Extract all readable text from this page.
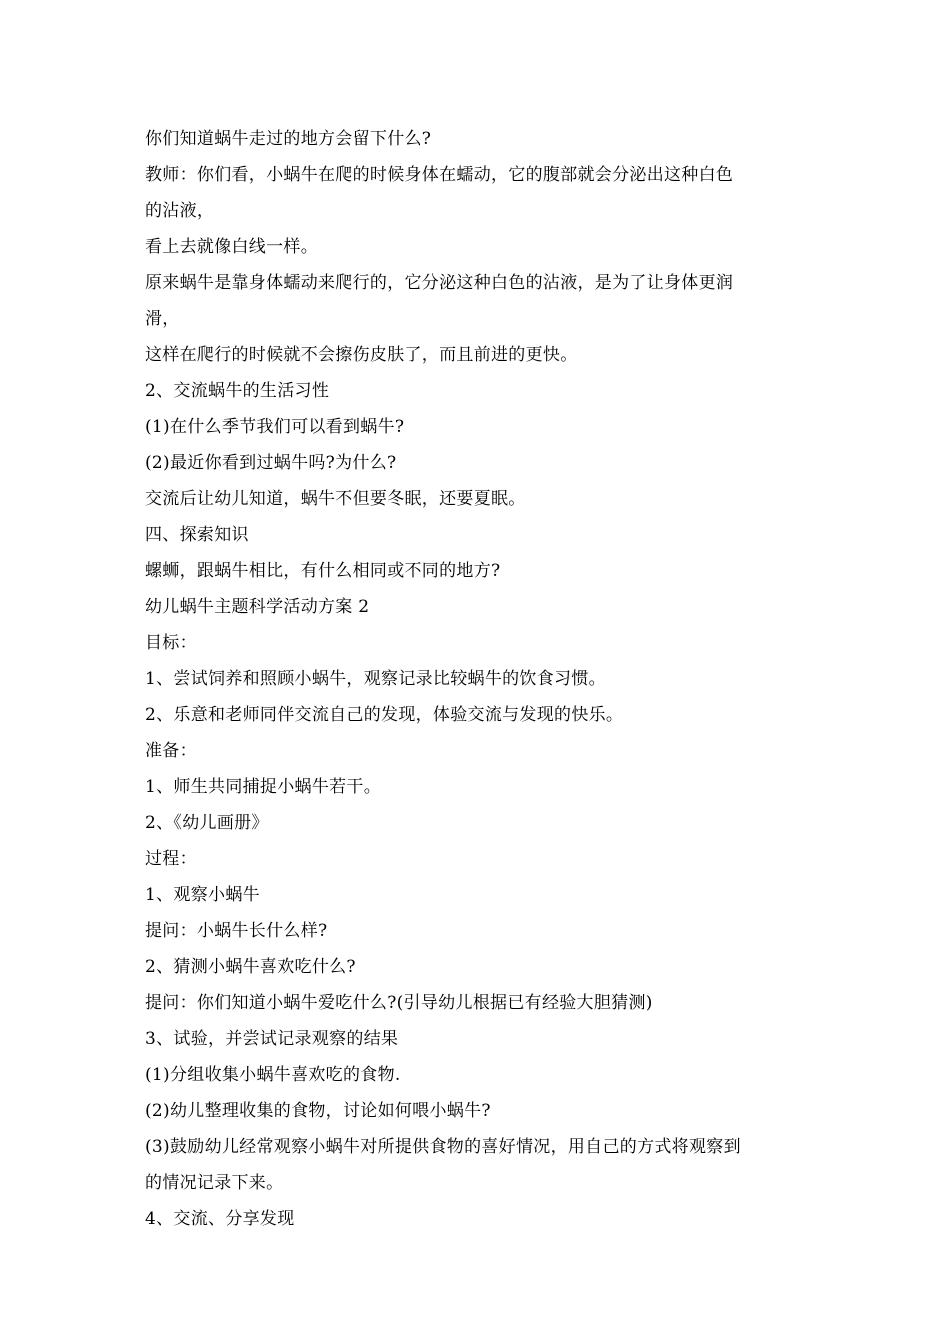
你们知道蜗牛走过的地方会留下什么?
教师：你们看，小蜗牛在爬的时候身体在蠕动，它的腹部就会分泌出这种白色
的沾液，
看上去就像白线一样。
原来蜗牛是靠身体蠕动来爬行的，它分泌这种白色的沾液，是为了让身体更润
滑，
这样在爬行的时候就不会擦伤皮肤了，而且前进的更快。
2、交流蜗牛的生活习性
(1)在什么季节我们可以看到蜗牛?
(2)最近你看到过蜗牛吗?为什么?
交流后让幼儿知道，蜗牛不但要冬眠，还要夏眠。
四、探索知识
螺蛳，跟蜗牛相比，有什么相同或不同的地方?
幼儿蜗牛主题科学活动方案 2
目标：
1、尝试饲养和照顾小蜗牛，观察记录比较蜗牛的饮食习惯。
2、乐意和老师同伴交流自己的发现，体验交流与发现的快乐。
准备：
1、师生共同捕捉小蜗牛若干。
2、《幼儿画册》
过程：
1、观察小蜗牛
提问：小蜗牛长什么样?
2、猜测小蜗牛喜欢吃什么?
提问：你们知道小蜗牛爱吃什么?(引导幼儿根据已有经验大胆猜测)
3、试验，并尝试记录观察的结果
(1)分组收集小蜗牛喜欢吃的食物.
(2)幼儿整理收集的食物，讨论如何喂小蜗牛?
(3)鼓励幼儿经常观察小蜗牛对所提供食物的喜好情况，用自己的方式将观察到
的情况记录下来。
4、交流、分享发现
